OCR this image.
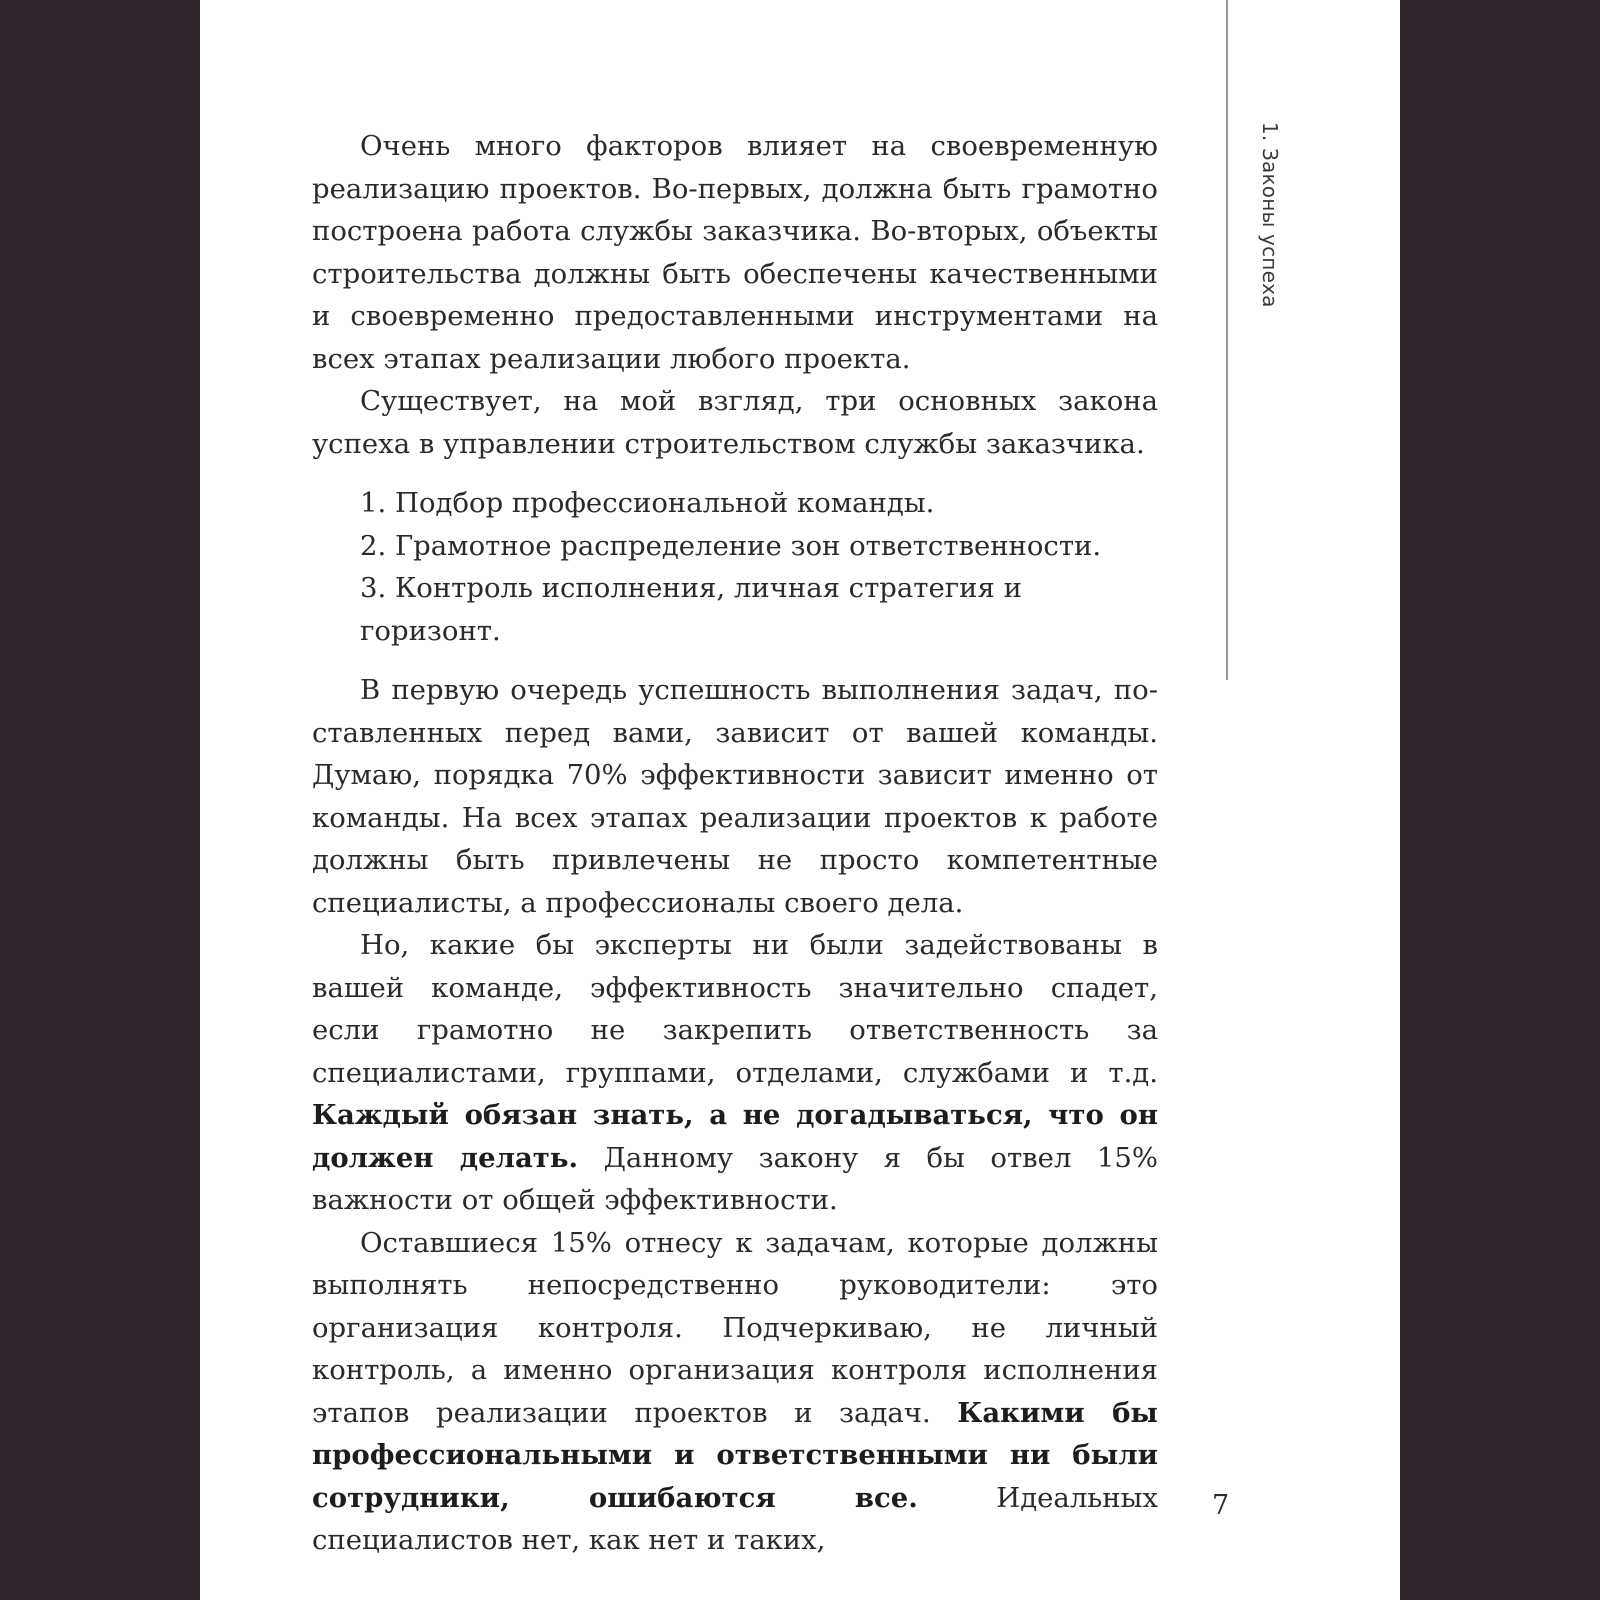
1. Законы успеха

Очень много факторов влияет на своевременную реализацию проектов. Во-первых, должна быть грамотно построена работа службы заказчика. Во-вторых, объекты строительства должны быть обеспечены качественными и своевременно предоставленными инструментами на всех этапах реализации любого проекта.

Существует, на мой взгляд, три основных закона успеха в управлении строительством службы заказчика.

1. Подбор профессиональной команды.
2. Грамотное распределение зон ответственности.
3. Контроль исполнения, личная стратегия и горизонт.

В первую очередь успешность выполнения задач, поставленных перед вами, зависит от вашей команды. Думаю, порядка 70% эффективности зависит именно от команды. На всех этапах реализации проектов к работе должны быть привлечены не просто компетентные специалисты, а профессионалы своего дела.

Но, какие бы эксперты ни были задействованы в вашей команде, эффективность значительно спадет, если грамотно не закрепить ответственность за специалистами, группами, отделами, службами и т.д. Каждый обязан знать, а не догадываться, что он должен делать. Данному закону я бы отвел 15% важности от общей эффективности.

Оставшиеся 15% отнесу к задачам, которые должны выполнять непосредственно руководители: это организация контроля. Подчеркиваю, не личный контроль, а именно организация контроля исполнения этапов реализации проектов и задач. Какими бы профессиональными и ответственными ни были сотрудники, ошибаются все.	Идеальных специалистов нет, как нет и таких,

7
